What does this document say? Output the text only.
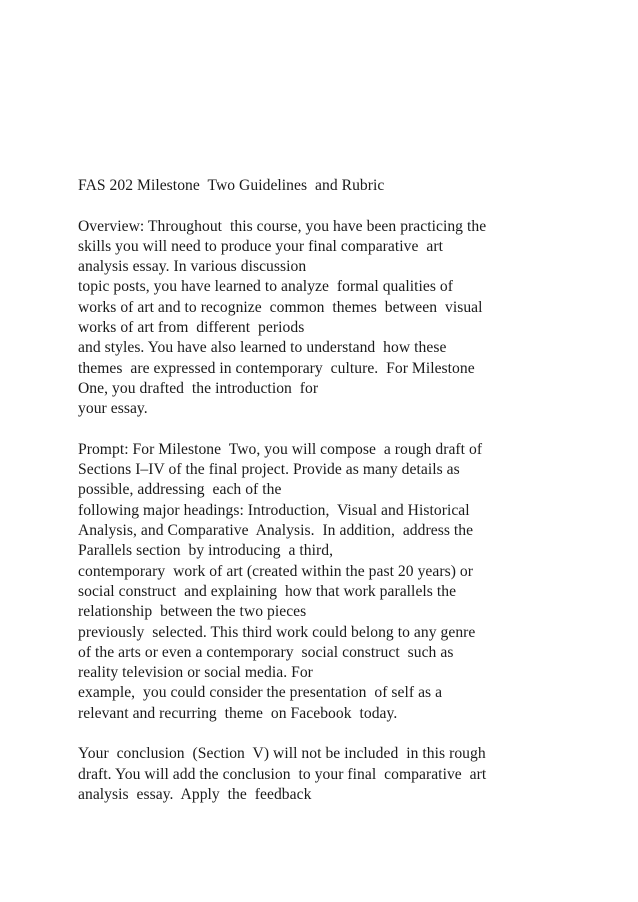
FAS 202 Milestone  Two Guidelines  and Rubric
Overview: Throughout  this course, you have been practicing the
skills you will need to produce your final comparative  art
analysis essay. In various discussion
topic posts, you have learned to analyze  formal qualities of
works of art and to recognize  common  themes  between  visual
works of art from  different  periods
and styles. You have also learned to understand  how these
themes  are expressed in contemporary  culture.  For Milestone
One, you drafted  the introduction  for
your essay.
Prompt: For Milestone  Two, you will compose  a rough draft of
Sections I–IV of the final project. Provide as many details as
possible, addressing  each of the
following major headings: Introduction,  Visual and Historical
Analysis, and Comparative  Analysis.  In addition,  address the
Parallels section  by introducing  a third,
contemporary  work of art (created within the past 20 years) or
social construct  and explaining  how that work parallels the
relationship  between the two pieces
previously  selected. This third work could belong to any genre
of the arts or even a contemporary  social construct  such as
reality television or social media. For
example,  you could consider the presentation  of self as a
relevant and recurring  theme  on Facebook  today.
Your  conclusion  (Section  V) will not be included  in this rough
draft. You will add the conclusion  to your final  comparative  art
analysis  essay.  Apply  the  feedback
